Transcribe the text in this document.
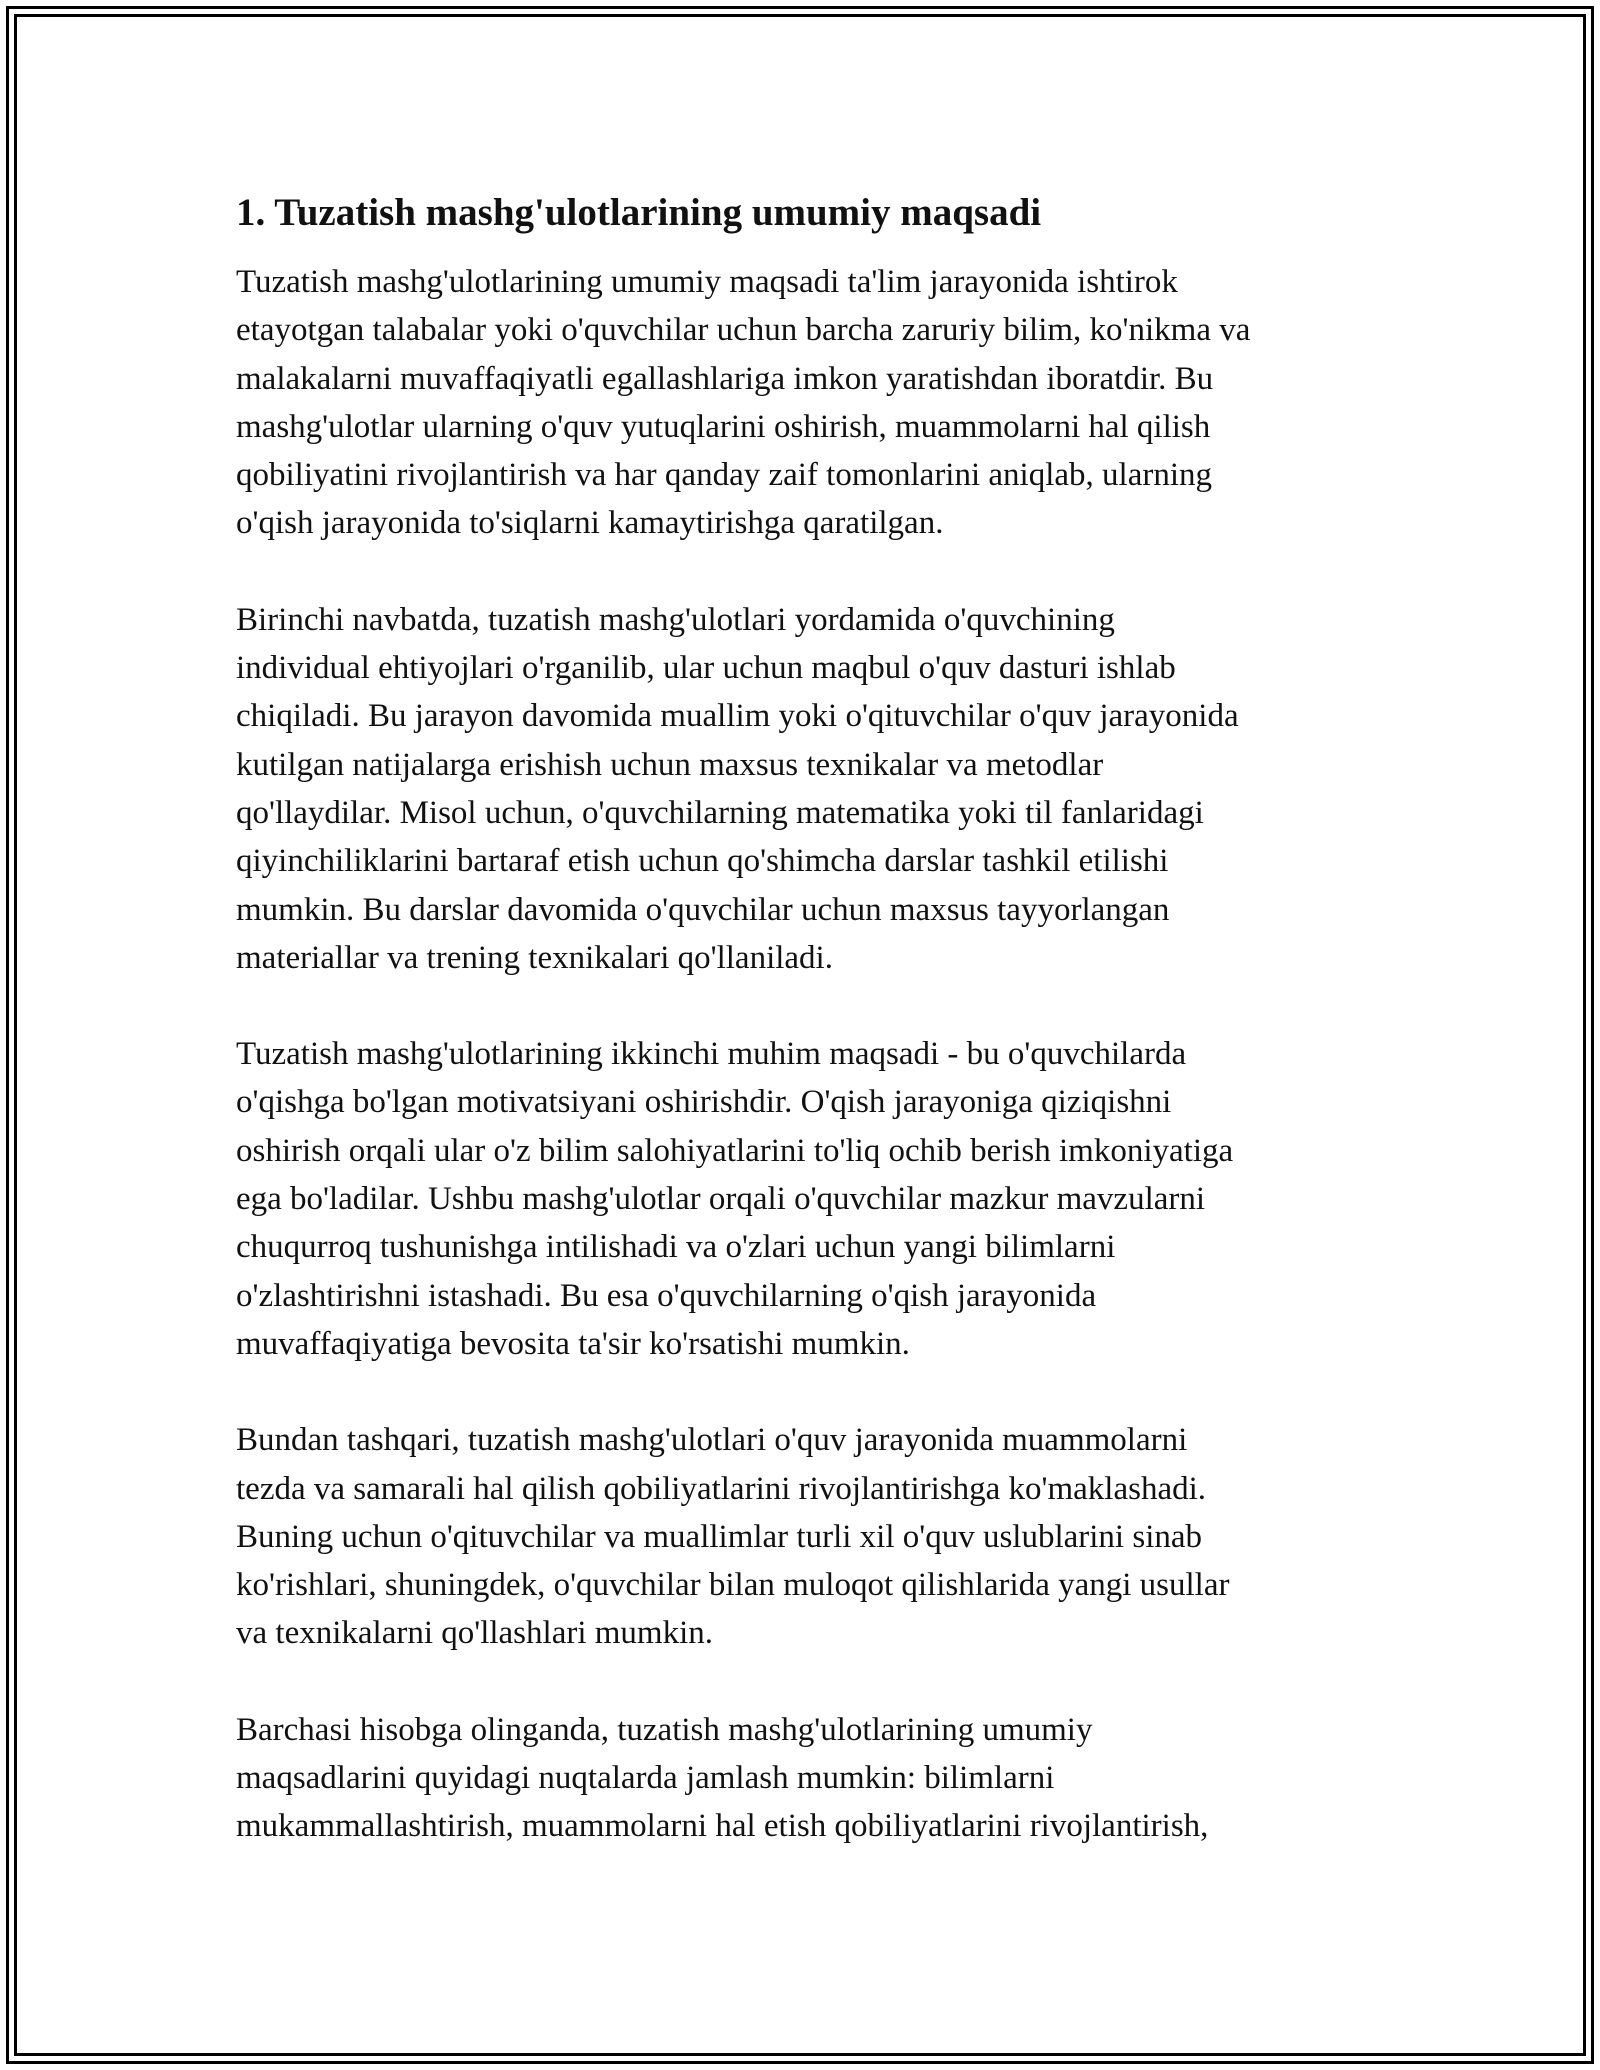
1. Tuzatish mashg'ulotlarining umumiy maqsadi

Tuzatish mashg'ulotlarining umumiy maqsadi ta'lim jarayonida ishtirok
etayotgan talabalar yoki o'quvchilar uchun barcha zaruriy bilim, ko'nikma va
malakalarni muvaffaqiyatli egallashlariga imkon yaratishdan iboratdir. Bu
mashg'ulotlar ularning o'quv yutuqlarini oshirish, muammolarni hal qilish
qobiliyatini rivojlantirish va har qanday zaif tomonlarini aniqlab, ularning
o'qish jarayonida to'siqlarni kamaytirishga qaratilgan.

Birinchi navbatda, tuzatish mashg'ulotlari yordamida o'quvchining
individual ehtiyojlari o'rganilib, ular uchun maqbul o'quv dasturi ishlab
chiqiladi. Bu jarayon davomida muallim yoki o'qituvchilar o'quv jarayonida
kutilgan natijalarga erishish uchun maxsus texnikalar va metodlar
qo'llaydilar. Misol uchun, o'quvchilarning matematika yoki til fanlaridagi
qiyinchiliklarini bartaraf etish uchun qo'shimcha darslar tashkil etilishi
mumkin. Bu darslar davomida o'quvchilar uchun maxsus tayyorlangan
materiallar va trening texnikalari qo'llaniladi.

Tuzatish mashg'ulotlarining ikkinchi muhim maqsadi - bu o'quvchilarda
o'qishga bo'lgan motivatsiyani oshirishdir. O'qish jarayoniga qiziqishni
oshirish orqali ular o'z bilim salohiyatlarini to'liq ochib berish imkoniyatiga
ega bo'ladilar. Ushbu mashg'ulotlar orqali o'quvchilar mazkur mavzularni
chuqurroq tushunishga intilishadi va o'zlari uchun yangi bilimlarni
o'zlashtirishni istashadi. Bu esa o'quvchilarning o'qish jarayonida
muvaffaqiyatiga bevosita ta'sir ko'rsatishi mumkin.

Bundan tashqari, tuzatish mashg'ulotlari o'quv jarayonida muammolarni
tezda va samarali hal qilish qobiliyatlarini rivojlantirishga ko'maklashadi.
Buning uchun o'qituvchilar va muallimlar turli xil o'quv uslublarini sinab
ko'rishlari, shuningdek, o'quvchilar bilan muloqot qilishlarida yangi usullar
va texnikalarni qo'llashlari mumkin.

Barchasi hisobga olinganda, tuzatish mashg'ulotlarining umumiy
maqsadlarini quyidagi nuqtalarda jamlash mumkin: bilimlarni
mukammallashtirish, muammolarni hal etish qobiliyatlarini rivojlantirish,
